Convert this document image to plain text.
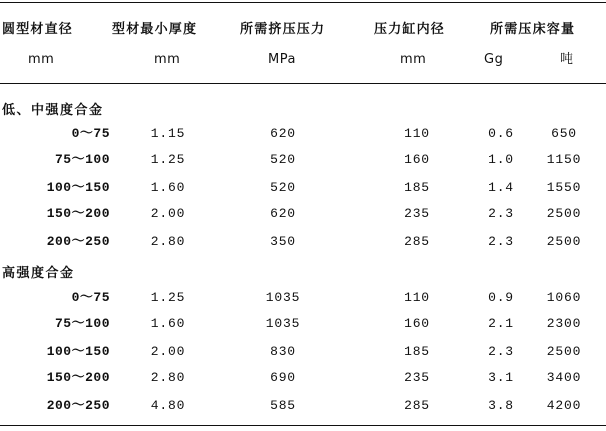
圆型材直径	型材最小厚度	所需挤压压力	压力缸内径	所需压床容量
mm	mm	MPa	mm	Gg	吨
低、中强度合金
0～75	1.15	620	110	0.6	650
75～100	1.25	520	160	1.0	1150
100～150	1.60	520	185	1.4	1550
150～200	2.00	620	235	2.3	2500
200～250	2.80	350	285	2.3	2500
高强度合金
0～75	1.25	1035	110	0.9	1060
75～100	1.60	1035	160	2.1	2300
100～150	2.00	830	185	2.3	2500
150～200	2.80	690	235	3.1	3400
200～250	4.80	585	285	3.8	4200
